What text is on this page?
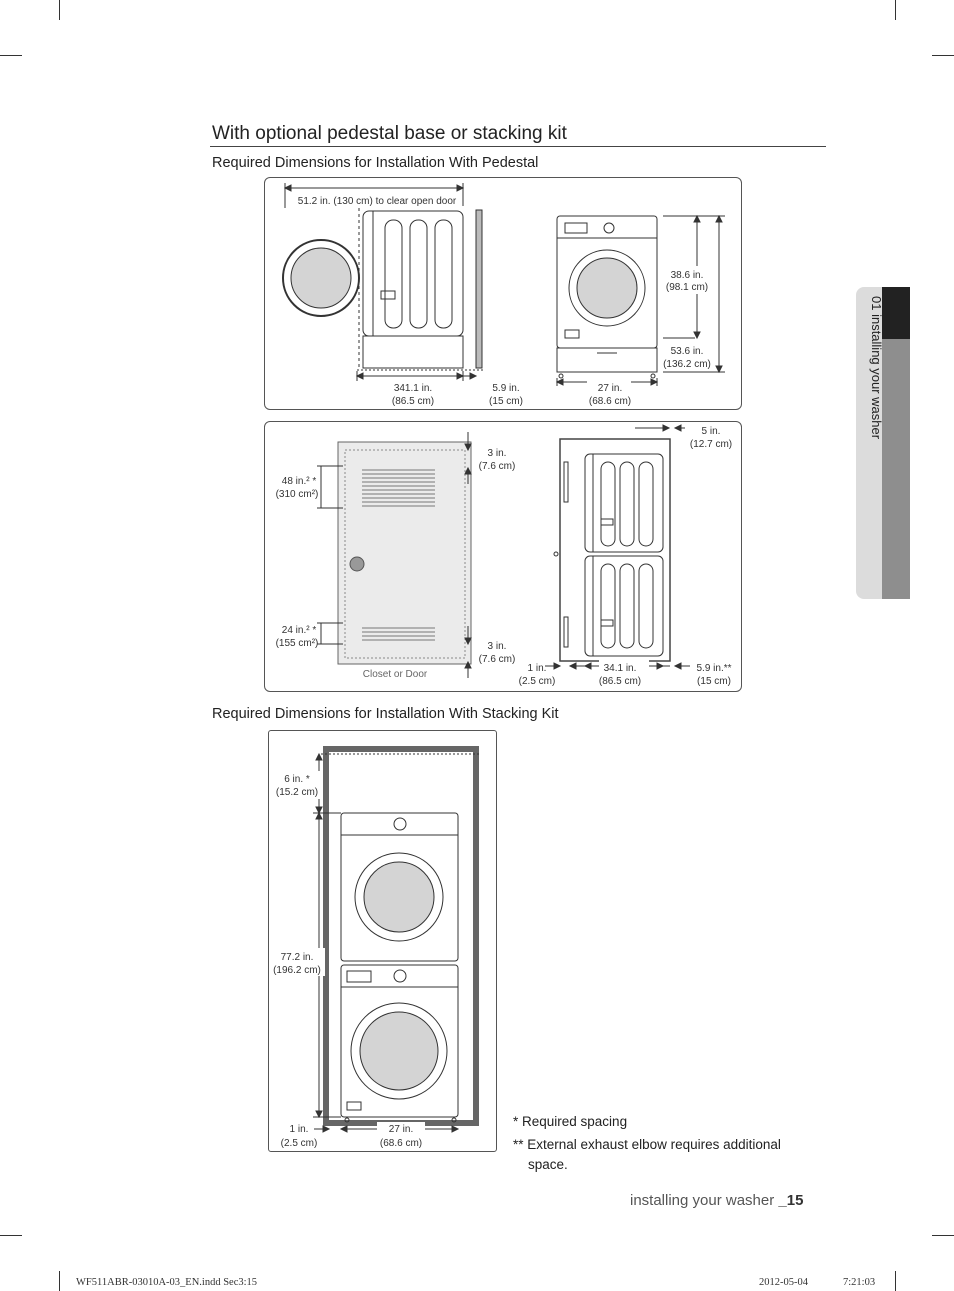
01 installing your washer
With optional pedestal base or stacking kit
Required Dimensions for Installation With Pedestal
51.2 in. (130 cm) to clear open door
341.1 in.
(86.5 cm)
5.9 in.
(15 cm)
38.6 in.
(98.1 cm)
53.6 in.
(136.2 cm)
27 in.
(68.6 cm)
48 in.² *
(310 cm²)
24 in.² *
(155 cm²)
3 in.
(7.6 cm)
3 in.
(7.6 cm)
Closet or Door
5 in.
(12.7 cm)
1 in.
(2.5 cm)
34.1 in.
(86.5 cm)
5.9 in.**
(15 cm)
Required Dimensions for Installation With Stacking Kit
6 in. *
(15.2 cm)
77.2 in.
(196.2 cm)
1 in.
(2.5 cm)
27 in.
(68.6 cm)
* Required spacing
** External exhaust elbow requires additional
space.
installing your washer _15
WF511ABR-03010A-03_EN.indd Sec3:15	2012-05-04	7:21:03
